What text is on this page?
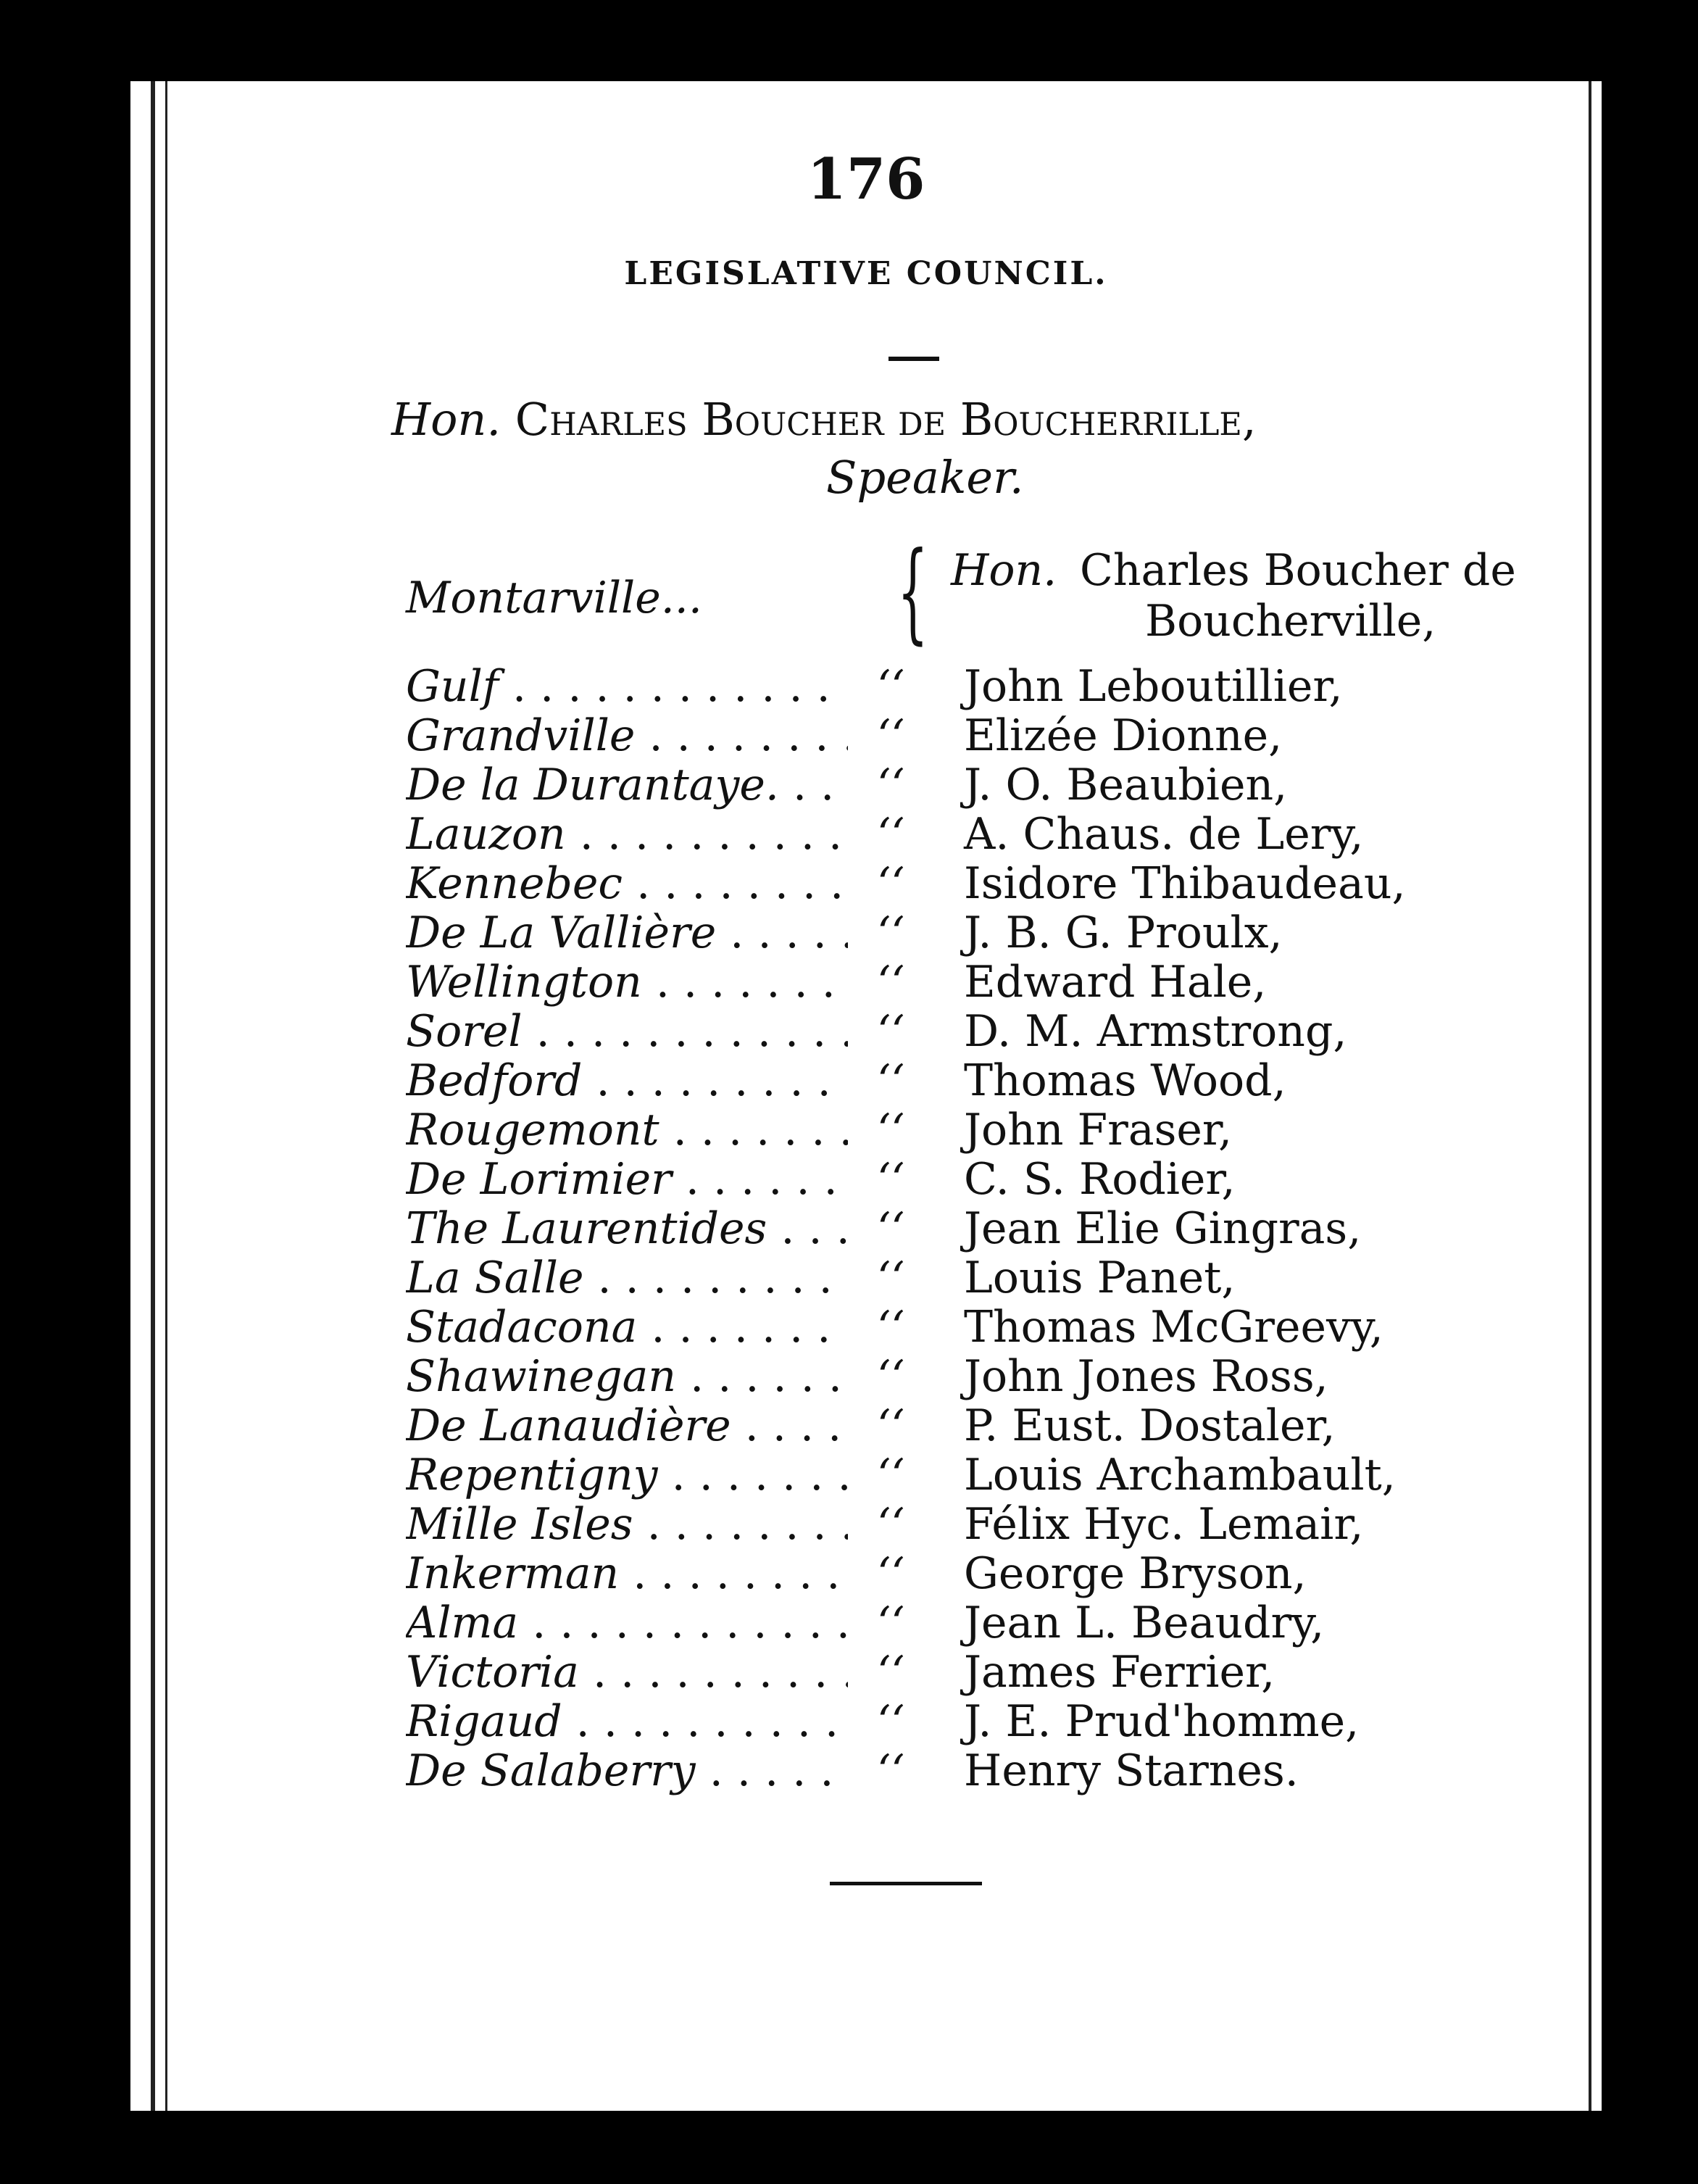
176
LEGISLATIVE COUNCIL.
Hon. Charles Boucher de Boucherrille,
Speaker.
Montarville... { Hon. Charles Boucher de
Boucherville,
Gulf . . .	‘‘ John Leboutillier,
Grandville . . .	‘‘ Elizée Dionne,
De la Durantaye. . . .	‘‘ J. O. Beaubien,
Lauzon . . .	‘‘ A. Chaus. de Lery,
Kennebec . . .	‘‘ Isidore Thibaudeau,
De La Vallière . . .	‘‘ J. B. G. Proulx,
Wellington . . .	‘‘ Edward Hale,
Sorel . . .	‘‘ D. M. Armstrong,
Bedford . . .	‘‘ Thomas Wood,
Rougemont . . .	‘‘ John Fraser,
De Lorimier . . .	‘‘ C. S. Rodier,
The Laurentides . . .	‘‘ Jean Elie Gingras,
La Salle . . .	‘‘ Louis Panet,
Stadacona . . .	‘‘ Thomas McGreevy,
Shawinegan . . .	‘‘ John Jones Ross,
De Lanaudière . . .	‘‘ P. Eust. Dostaler,
Repentigny . . .	‘‘ Louis Archambault,
Mille Isles . . .	‘‘ Félix Hyc. Lemair,
Inkerman . . .	‘‘ George Bryson,
Alma . . .	‘‘ Jean L. Beaudry,
Victoria . . .	‘‘ James Ferrier,
Rigaud . . .	‘‘ J. E. Prud'homme,
De Salaberry . . .	‘‘ Henry Starnes.
